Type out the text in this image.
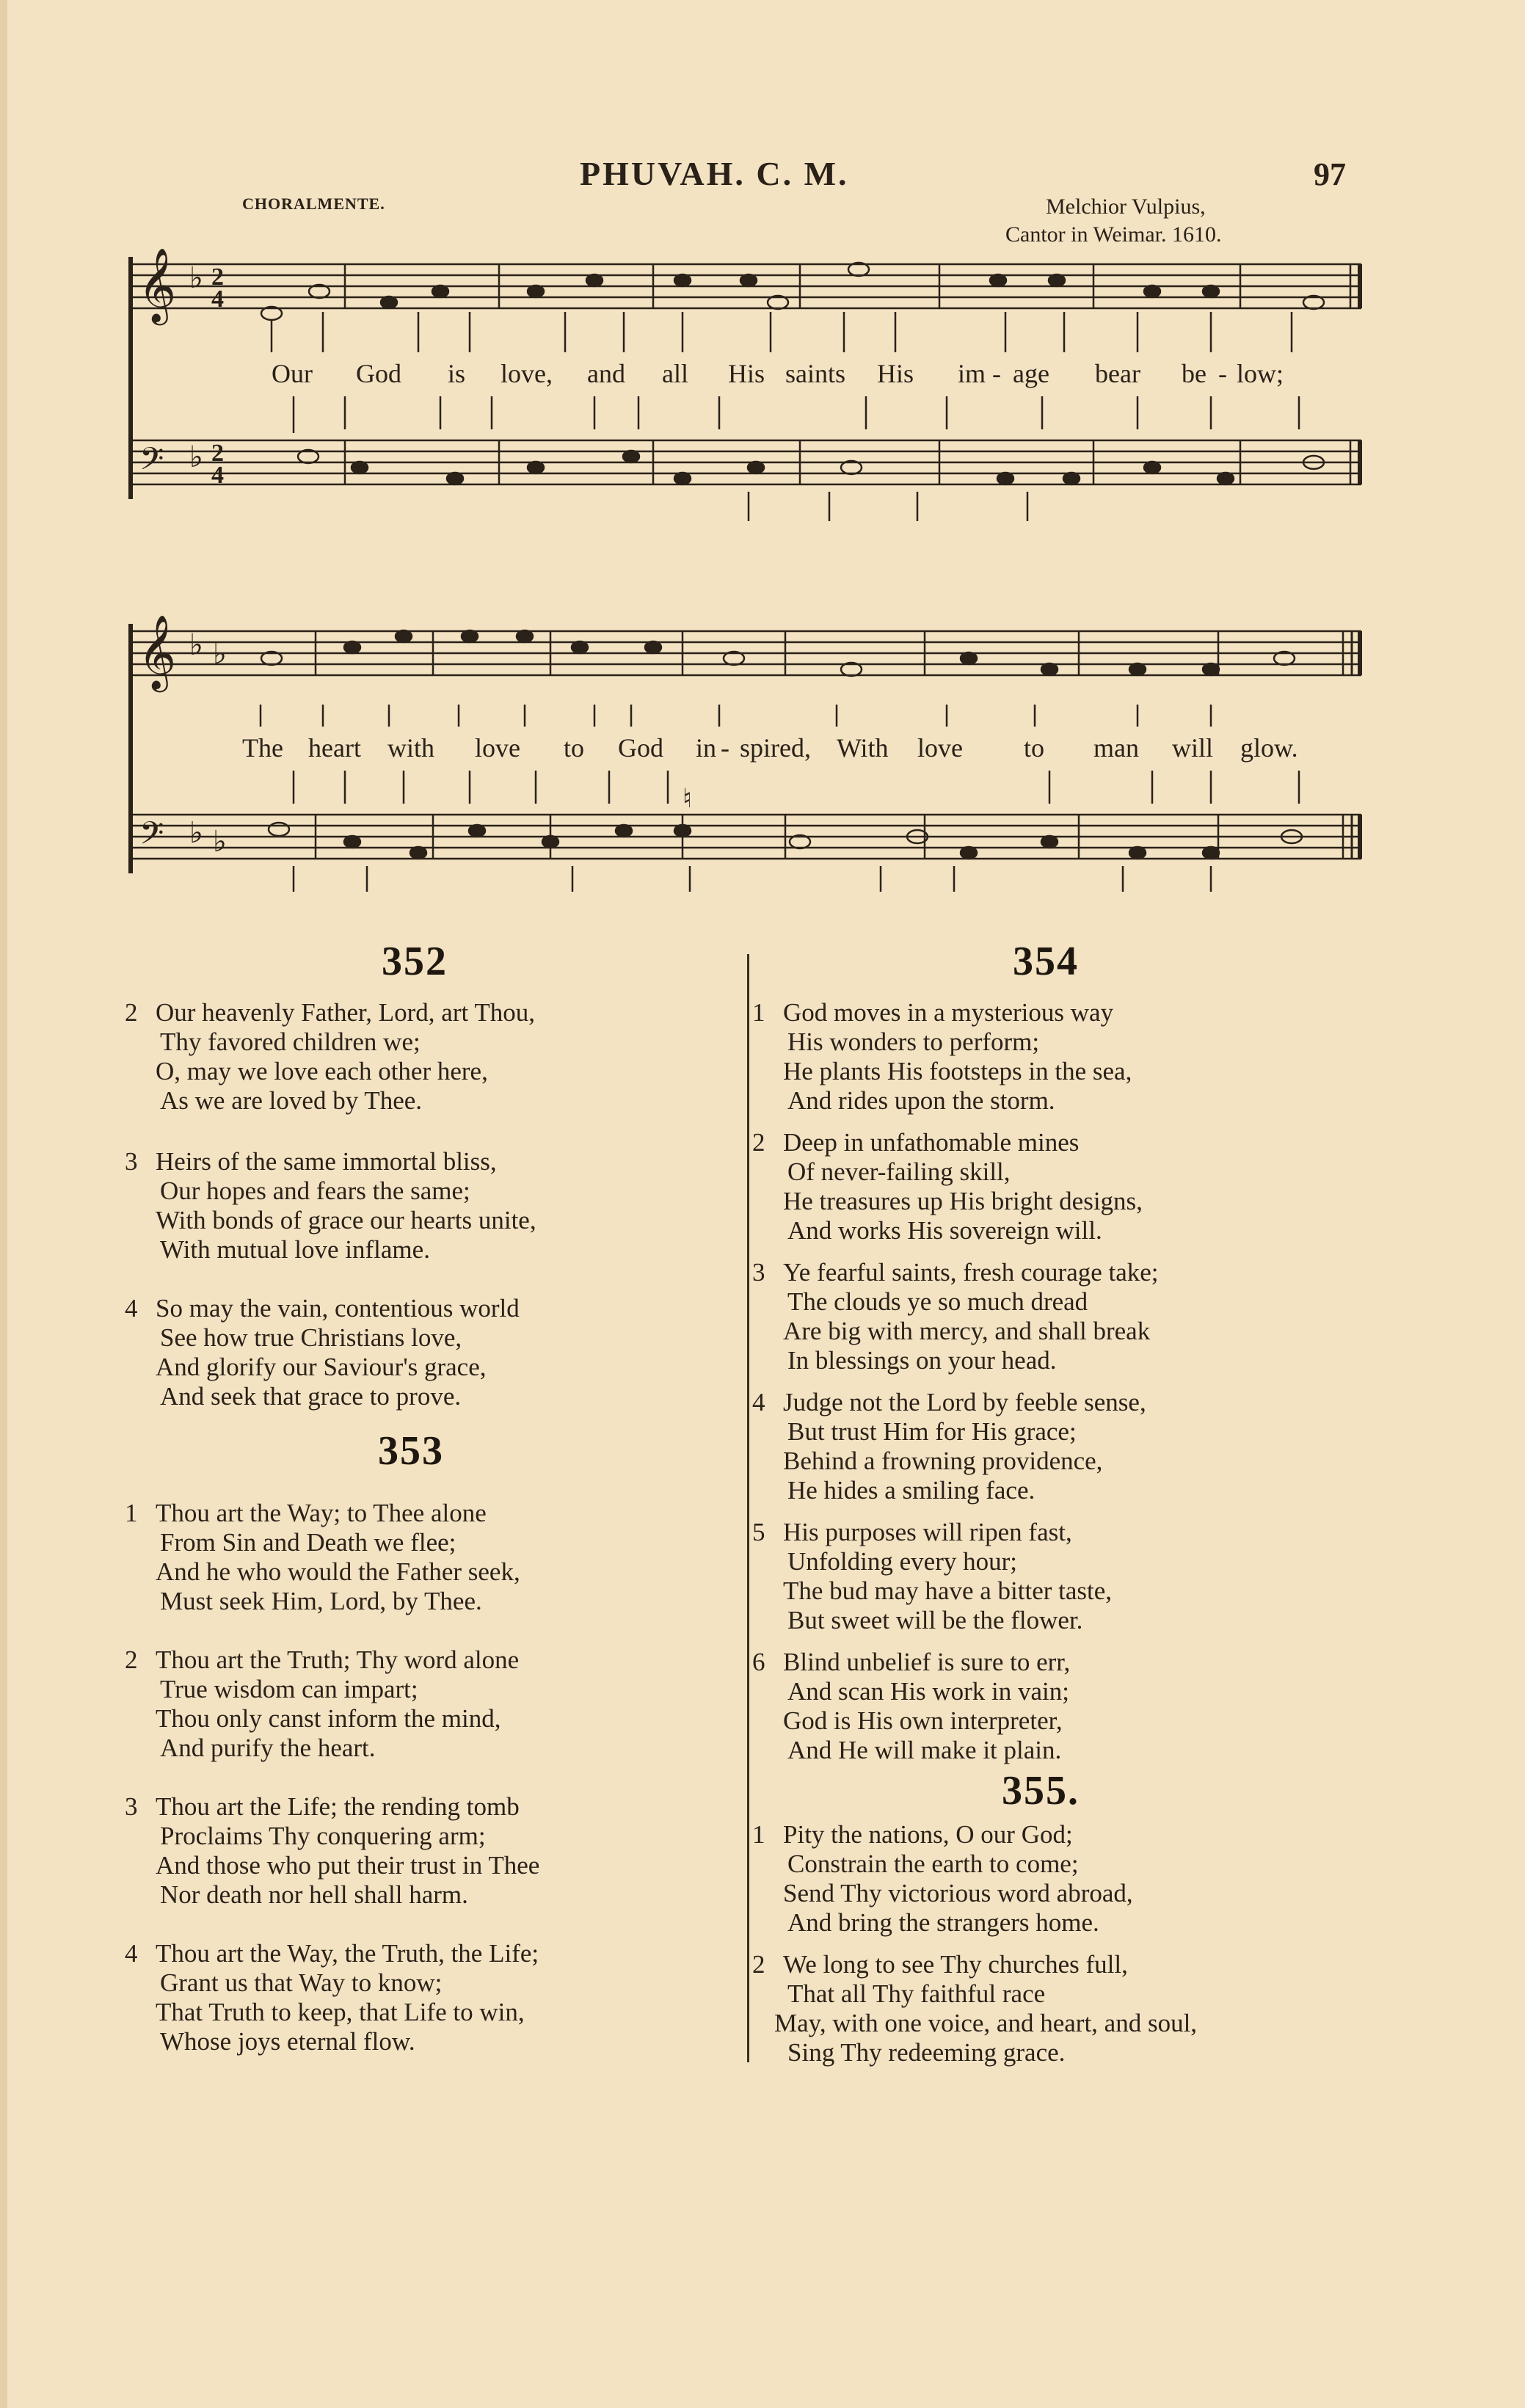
PHUVAH. C. M.	97
CHORALMENTE.	Melchior Vulpius,
Cantor in Weimar. 1610.
𝄞
𝄢
♭
♭
2
4
2
4
Our God is love, and all His saints His im - age bear be - low;
𝄞
𝄢
♭ ♭
♭ ♭
♮
The heart with love to God in - spired, With love to man will glow.
352
2 Our heavenly Father, Lord, art Thou,
Thy favored children we;
O, may we love each other here,
As we are loved by Thee.
3 Heirs of the same immortal bliss,
Our hopes and fears the same;
With bonds of grace our hearts unite,
With mutual love inflame.
4 So may the vain, contentious world
See how true Christians love,
And glorify our Saviour's grace,
And seek that grace to prove.
353
1 Thou art the Way; to Thee alone
From Sin and Death we flee;
And he who would the Father seek,
Must seek Him, Lord, by Thee.
2 Thou art the Truth; Thy word alone
True wisdom can impart;
Thou only canst inform the mind,
And purify the heart.
3 Thou art the Life; the rending tomb
Proclaims Thy conquering arm;
And those who put their trust in Thee
Nor death nor hell shall harm.
4 Thou art the Way, the Truth, the Life;
Grant us that Way to know;
That Truth to keep, that Life to win,
Whose joys eternal flow.
354
1 God moves in a mysterious way
His wonders to perform;
He plants His footsteps in the sea,
And rides upon the storm.
2 Deep in unfathomable mines
Of never-failing skill,
He treasures up His bright designs,
And works His sovereign will.
3 Ye fearful saints, fresh courage take;
The clouds ye so much dread
Are big with mercy, and shall break
In blessings on your head.
4 Judge not the Lord by feeble sense,
But trust Him for His grace;
Behind a frowning providence,
He hides a smiling face.
5 His purposes will ripen fast,
Unfolding every hour;
The bud may have a bitter taste,
But sweet will be the flower.
6 Blind unbelief is sure to err,
And scan His work in vain;
God is His own interpreter,
And He will make it plain.
355.
1 Pity the nations, O our God;
Constrain the earth to come;
Send Thy victorious word abroad,
And bring the strangers home.
2 We long to see Thy churches full,
That all Thy faithful race
May, with one voice, and heart, and soul,
Sing Thy redeeming grace.
